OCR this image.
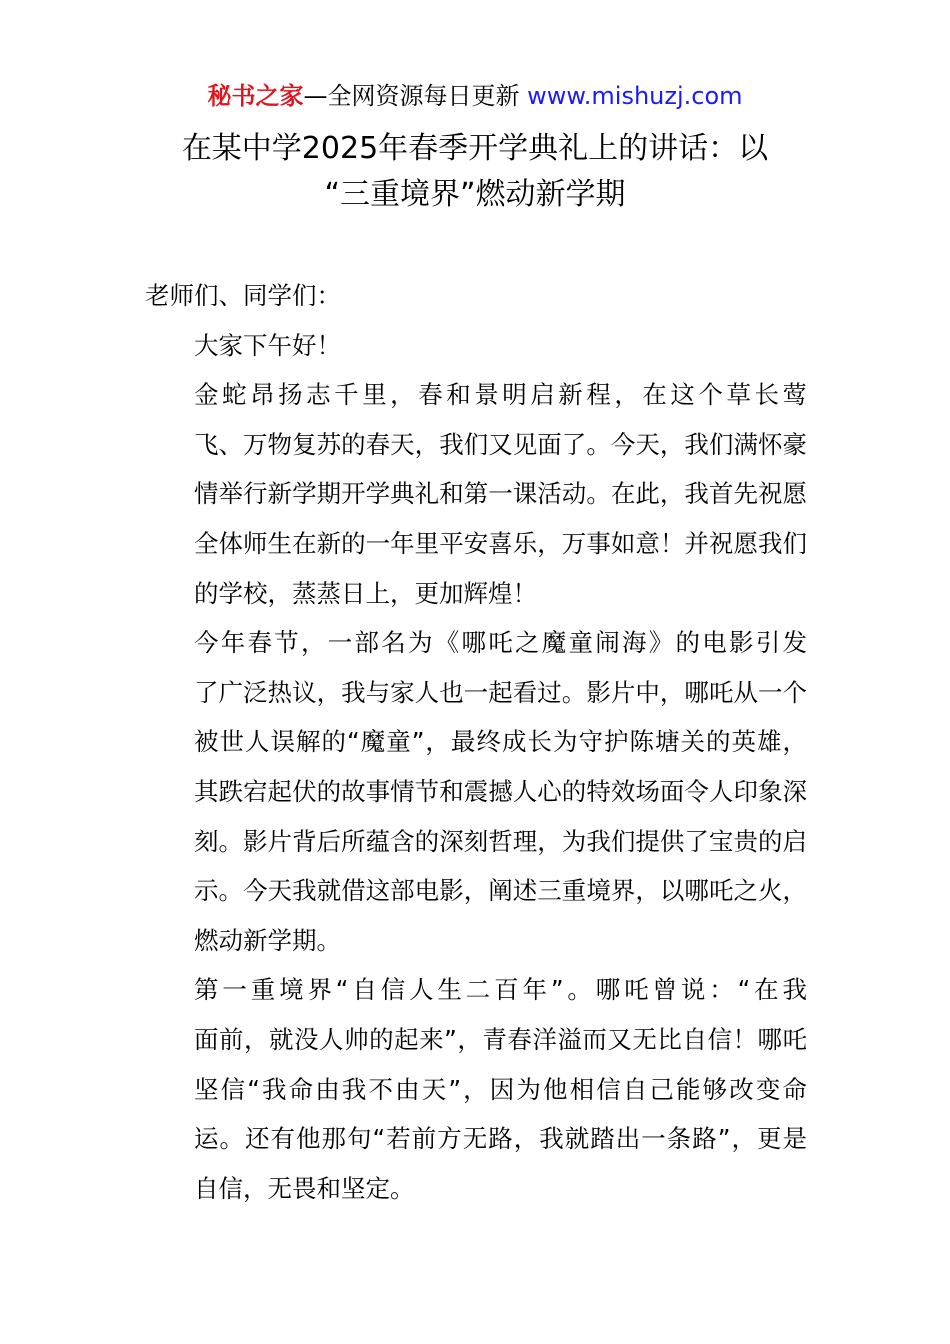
秘书之家—全网资源每日更新 www.mishuzj.com
在某中学2025年春季开学典礼上的讲话：以
“三重境界”燃动新学期

老师们、同学们：

大家下午好！

金蛇昂扬志千里，春和景明启新程，在这个草长莺
飞、万物复苏的春天，我们又见面了。今天，我们满怀豪
情举行新学期开学典礼和第一课活动。在此，我首先祝愿
全体师生在新的一年里平安喜乐，万事如意！并祝愿我们
的学校，蒸蒸日上，更加辉煌！

今年春节，一部名为《哪吒之魔童闹海》的电影引发
了广泛热议，我与家人也一起看过。影片中，哪吒从一个
被世人误解的“魔童”，最终成长为守护陈塘关的英雄，
其跌宕起伏的故事情节和震撼人心的特效场面令人印象深
刻。影片背后所蕴含的深刻哲理，为我们提供了宝贵的启
示。今天我就借这部电影，阐述三重境界，以哪吒之火，
燃动新学期。

第一重境界“自信人生二百年”。哪吒曾说：“在我
面前，就没人帅的起来”，青春洋溢而又无比自信！哪吒
坚信“我命由我不由天”，因为他相信自己能够改变命
运。还有他那句“若前方无路，我就踏出一条路”，更是
自信，无畏和坚定。
